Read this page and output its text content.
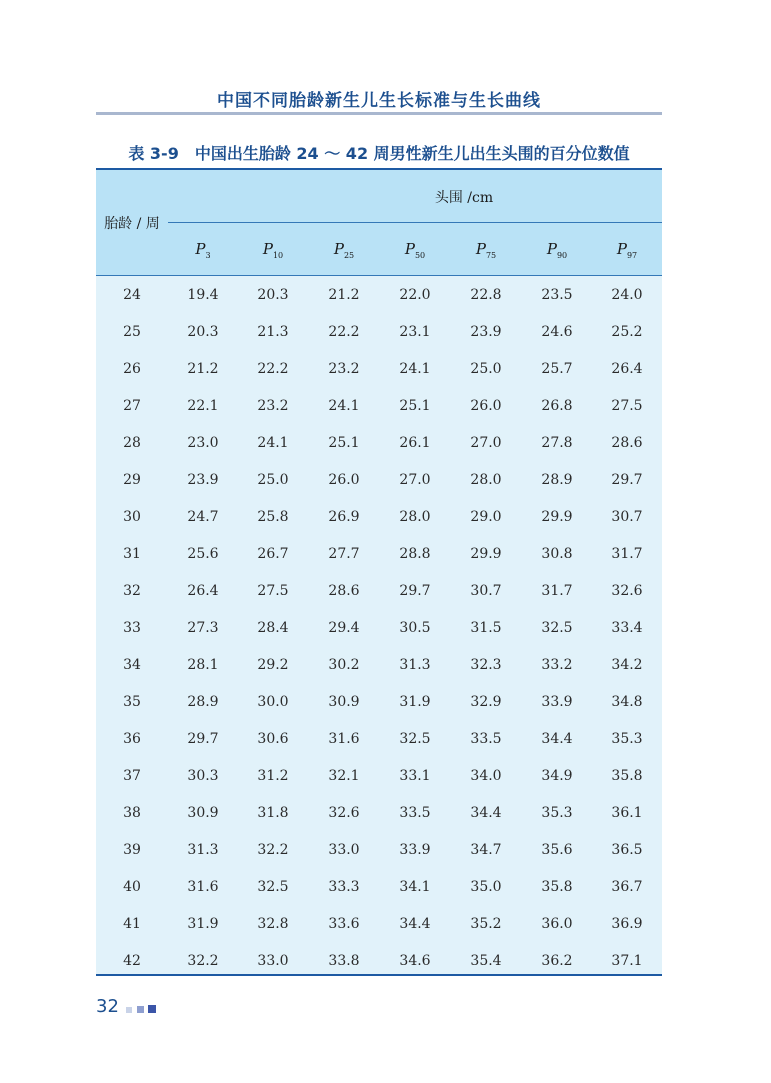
中国不同胎龄新生儿生长标准与生长曲线
表 3-9 中国出生胎龄 24 ～ 42 周男性新生儿出生头围的百分位数值
头围 /cm
胎龄 / 周
$P_3$	$P_{10}$	$P_{25}$	$P_{50}$	$P_{75}$	$P_{90}$	$P_{97}$
24	19.4	20.3	21.2	22.0	22.8	23.5	24.0
25	20.3	21.3	22.2	23.1	23.9	24.6	25.2
26	21.2	22.2	23.2	24.1	25.0	25.7	26.4
27	22.1	23.2	24.1	25.1	26.0	26.8	27.5
28	23.0	24.1	25.1	26.1	27.0	27.8	28.6
29	23.9	25.0	26.0	27.0	28.0	28.9	29.7
30	24.7	25.8	26.9	28.0	29.0	29.9	30.7
31	25.6	26.7	27.7	28.8	29.9	30.8	31.7
32	26.4	27.5	28.6	29.7	30.7	31.7	32.6
33	27.3	28.4	29.4	30.5	31.5	32.5	33.4
34	28.1	29.2	30.2	31.3	32.3	33.2	34.2
35	28.9	30.0	30.9	31.9	32.9	33.9	34.8
36	29.7	30.6	31.6	32.5	33.5	34.4	35.3
37	30.3	31.2	32.1	33.1	34.0	34.9	35.8
38	30.9	31.8	32.6	33.5	34.4	35.3	36.1
39	31.3	32.2	33.0	33.9	34.7	35.6	36.5
40	31.6	32.5	33.3	34.1	35.0	35.8	36.7
41	31.9	32.8	33.6	34.4	35.2	36.0	36.9
42	32.2	33.0	33.8	34.6	35.4	36.2	37.1
32
